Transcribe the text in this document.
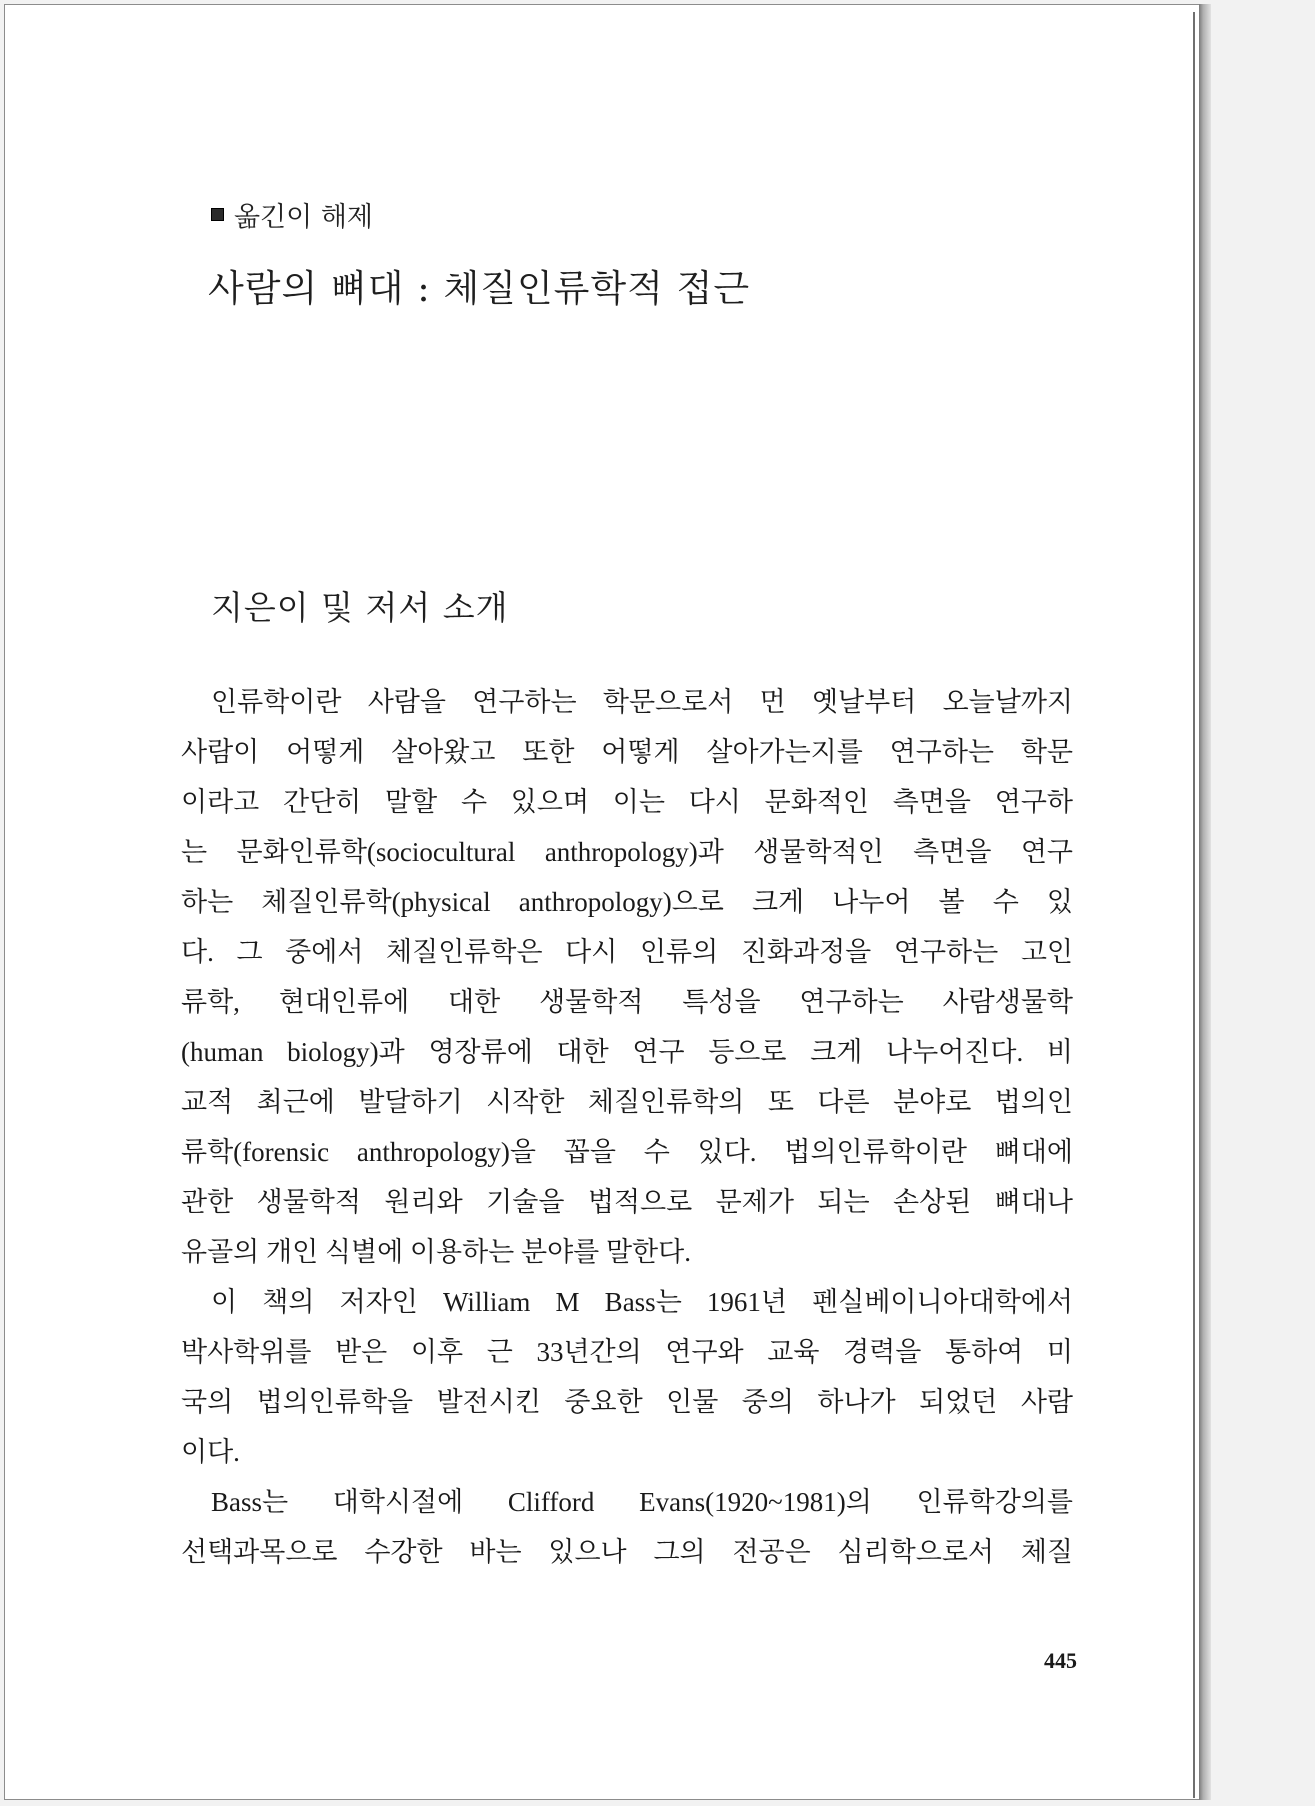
옮긴이 해제
사람의 뼈대 : 체질인류학적 접근
지은이 및 저서 소개
인류학이란 사람을 연구하는 학문으로서 먼 옛날부터 오늘날까지
사람이 어떻게 살아왔고 또한 어떻게 살아가는지를 연구하는 학문
이라고 간단히 말할 수 있으며 이는 다시 문화적인 측면을 연구하
는 문화인류학(sociocultural anthropology)과 생물학적인 측면을 연구
하는 체질인류학(physical anthropology)으로 크게 나누어 볼 수 있
다. 그 중에서 체질인류학은 다시 인류의 진화과정을 연구하는 고인
류학, 현대인류에 대한 생물학적 특성을 연구하는 사람생물학
(human biology)과 영장류에 대한 연구 등으로 크게 나누어진다. 비
교적 최근에 발달하기 시작한 체질인류학의 또 다른 분야로 법의인
류학(forensic anthropology)을 꼽을 수 있다. 법의인류학이란 뼈대에
관한 생물학적 원리와 기술을 법적으로 문제가 되는 손상된 뼈대나
유골의 개인 식별에 이용하는 분야를 말한다.
이 책의 저자인 William M Bass는 1961년 펜실베이니아대학에서
박사학위를 받은 이후 근 33년간의 연구와 교육 경력을 통하여 미
국의 법의인류학을 발전시킨 중요한 인물 중의 하나가 되었던 사람
이다.
Bass는 대학시절에 Clifford Evans(1920~1981)의 인류학강의를
선택과목으로 수강한 바는 있으나 그의 전공은 심리학으로서 체질
445
